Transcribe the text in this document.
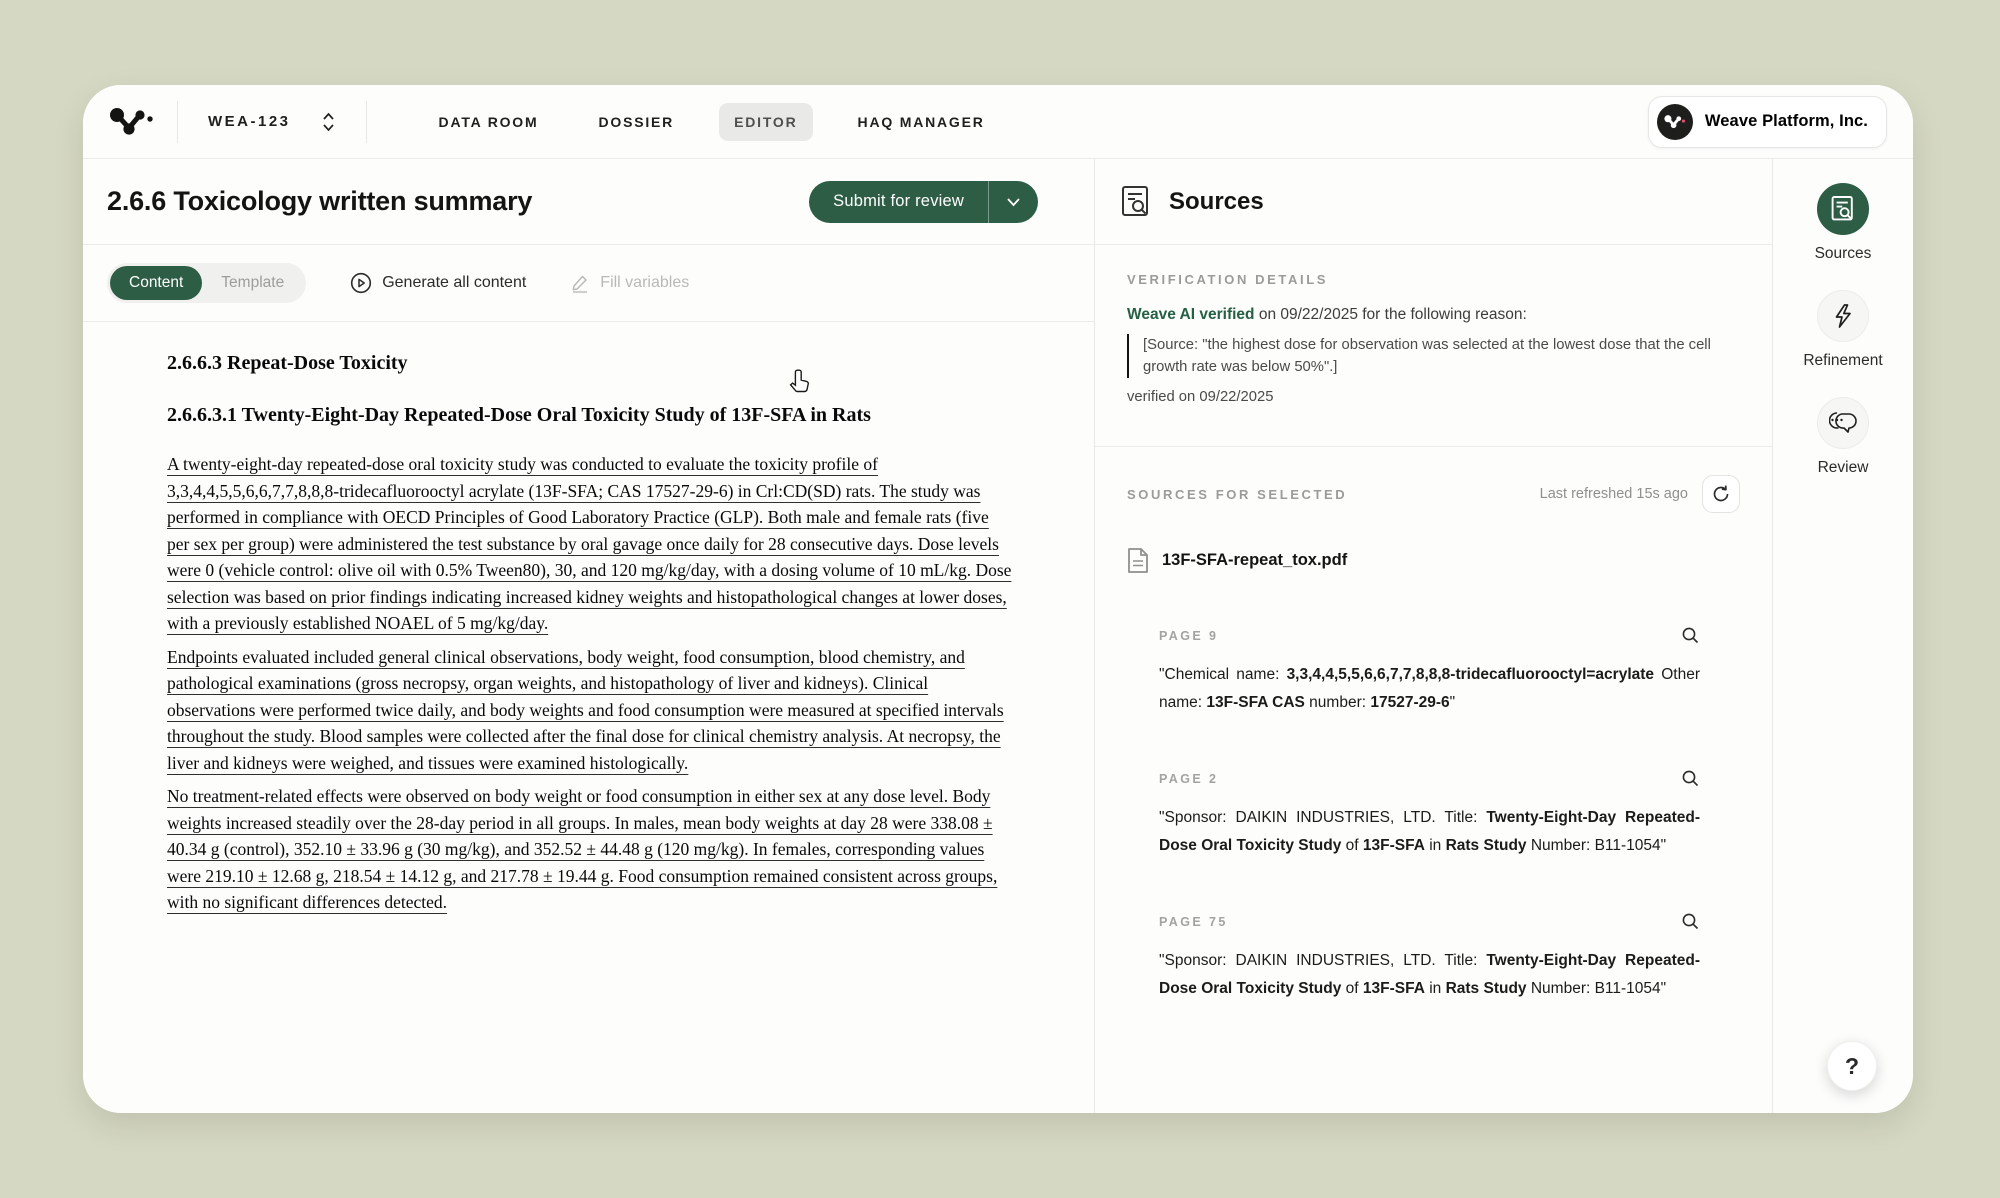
WEA-123	DATA ROOM	DOSSIER	EDITOR	HAQ MANAGER	Weave Platform, Inc.
2.6.6 Toxicology written summary	Submit for review
Content	Template	Generate all content	Fill variables
2.6.6.3 Repeat-Dose Toxicity
2.6.6.3.1 Twenty-Eight-Day Repeated-Dose Oral Toxicity Study of 13F-SFA in Rats

A twenty-eight-day repeated-dose oral toxicity study was conducted to evaluate the toxicity profile of 3,3,4,4,5,5,6,6,7,7,8,8,8-tridecafluorooctyl acrylate (13F-SFA; CAS 17527-29-6) in Crl:CD(SD) rats. The study was performed in compliance with OECD Principles of Good Laboratory Practice (GLP). Both male and female rats (five per sex per group) were administered the test substance by oral gavage once daily for 28 consecutive days. Dose levels were 0 (vehicle control: olive oil with 0.5% Tween80), 30, and 120 mg/kg/day, with a dosing volume of 10 mL/kg. Dose selection was based on prior findings indicating increased kidney weights and histopathological changes at lower doses, with a previously established NOAEL of 5 mg/kg/day.

Endpoints evaluated included general clinical observations, body weight, food consumption, blood chemistry, and pathological examinations (gross necropsy, organ weights, and histopathology of liver and kidneys). Clinical observations were performed twice daily, and body weights and food consumption were measured at specified intervals throughout the study. Blood samples were collected after the final dose for clinical chemistry analysis. At necropsy, the liver and kidneys were weighed, and tissues were examined histologically.

No treatment-related effects were observed on body weight or food consumption in either sex at any dose level. Body weights increased steadily over the 28-day period in all groups. In males, mean body weights at day 28 were 338.08 ± 40.34 g (control), 352.10 ± 33.96 g (30 mg/kg), and 352.52 ± 44.48 g (120 mg/kg). In females, corresponding values were 219.10 ± 12.68 g, 218.54 ± 14.12 g, and 217.78 ± 19.44 g. Food consumption remained consistent across groups, with no significant differences detected.

Sources
VERIFICATION DETAILS
Weave AI verified on 09/22/2025 for the following reason:
[Source: "the highest dose for observation was selected at the lowest dose that the cell growth rate was below 50%".]
verified on 09/22/2025
SOURCES FOR SELECTED	Last refreshed 15s ago
13F-SFA-repeat_tox.pdf
PAGE 9
"Chemical name: 3,3,4,4,5,5,6,6,7,7,8,8,8-tridecafluorooctyl=acrylate Other name: 13F-SFA CAS number: 17527-29-6"
PAGE 2
"Sponsor: DAIKIN INDUSTRIES, LTD. Title: Twenty-Eight-Day Repeated-Dose Oral Toxicity Study of 13F-SFA in Rats Study Number: B11-1054"
PAGE 75
"Sponsor: DAIKIN INDUSTRIES, LTD. Title: Twenty-Eight-Day Repeated-Dose Oral Toxicity Study of 13F-SFA in Rats Study Number: B11-1054"
Sources
Refinement
Review
?
